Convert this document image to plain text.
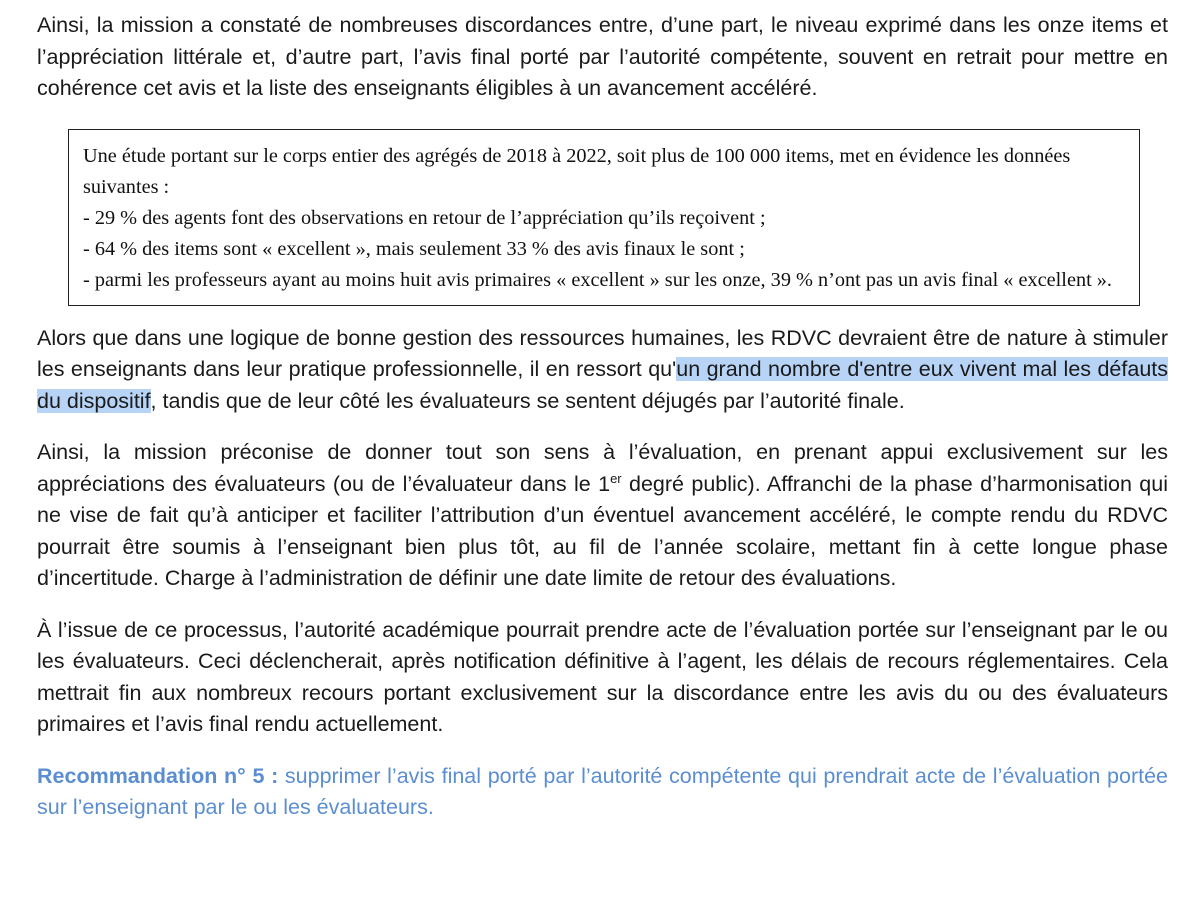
Ainsi, la mission a constaté de nombreuses discordances entre, d’une part, le niveau exprimé dans les onze items et l’appréciation littérale et, d’autre part, l’avis final porté par l’autorité compétente, souvent en retrait pour mettre en cohérence cet avis et la liste des enseignants éligibles à un avancement accéléré.

Une étude portant sur le corps entier des agrégés de 2018 à 2022, soit plus de 100 000 items, met en évidence les données suivantes :

- 29 % des agents font des observations en retour de l’appréciation qu’ils reçoivent ;

- 64 % des items sont « excellent », mais seulement 33 % des avis finaux le sont ;

- parmi les professeurs ayant au moins huit avis primaires « excellent » sur les onze, 39 % n’ont pas un avis final « excellent ».

Alors que dans une logique de bonne gestion des ressources humaines, les RDVC devraient être de nature à stimuler les enseignants dans leur pratique professionnelle, il en ressort qu'un grand nombre d'entre eux vivent mal les défauts du dispositif, tandis que de leur côté les évaluateurs se sentent déjugés par l’autorité finale.

Ainsi, la mission préconise de donner tout son sens à l’évaluation, en prenant appui exclusivement sur les appréciations des évaluateurs (ou de l’évaluateur dans le 1er degré public). Affranchi de la phase d’harmonisation qui ne vise de fait qu’à anticiper et faciliter l’attribution d’un éventuel avancement accéléré, le compte rendu du RDVC pourrait être soumis à l’enseignant bien plus tôt, au fil de l’année scolaire, mettant fin à cette longue phase d’incertitude. Charge à l’administration de définir une date limite de retour des évaluations.

À l’issue de ce processus, l’autorité académique pourrait prendre acte de l’évaluation portée sur l’enseignant par le ou les évaluateurs. Ceci déclencherait, après notification définitive à l’agent, les délais de recours réglementaires. Cela mettrait fin aux nombreux recours portant exclusivement sur la discordance entre les avis du ou des évaluateurs primaires et l’avis final rendu actuellement.

Recommandation n° 5 : supprimer l’avis final porté par l’autorité compétente qui prendrait acte de l’évaluation portée sur l’enseignant par le ou les évaluateurs.
